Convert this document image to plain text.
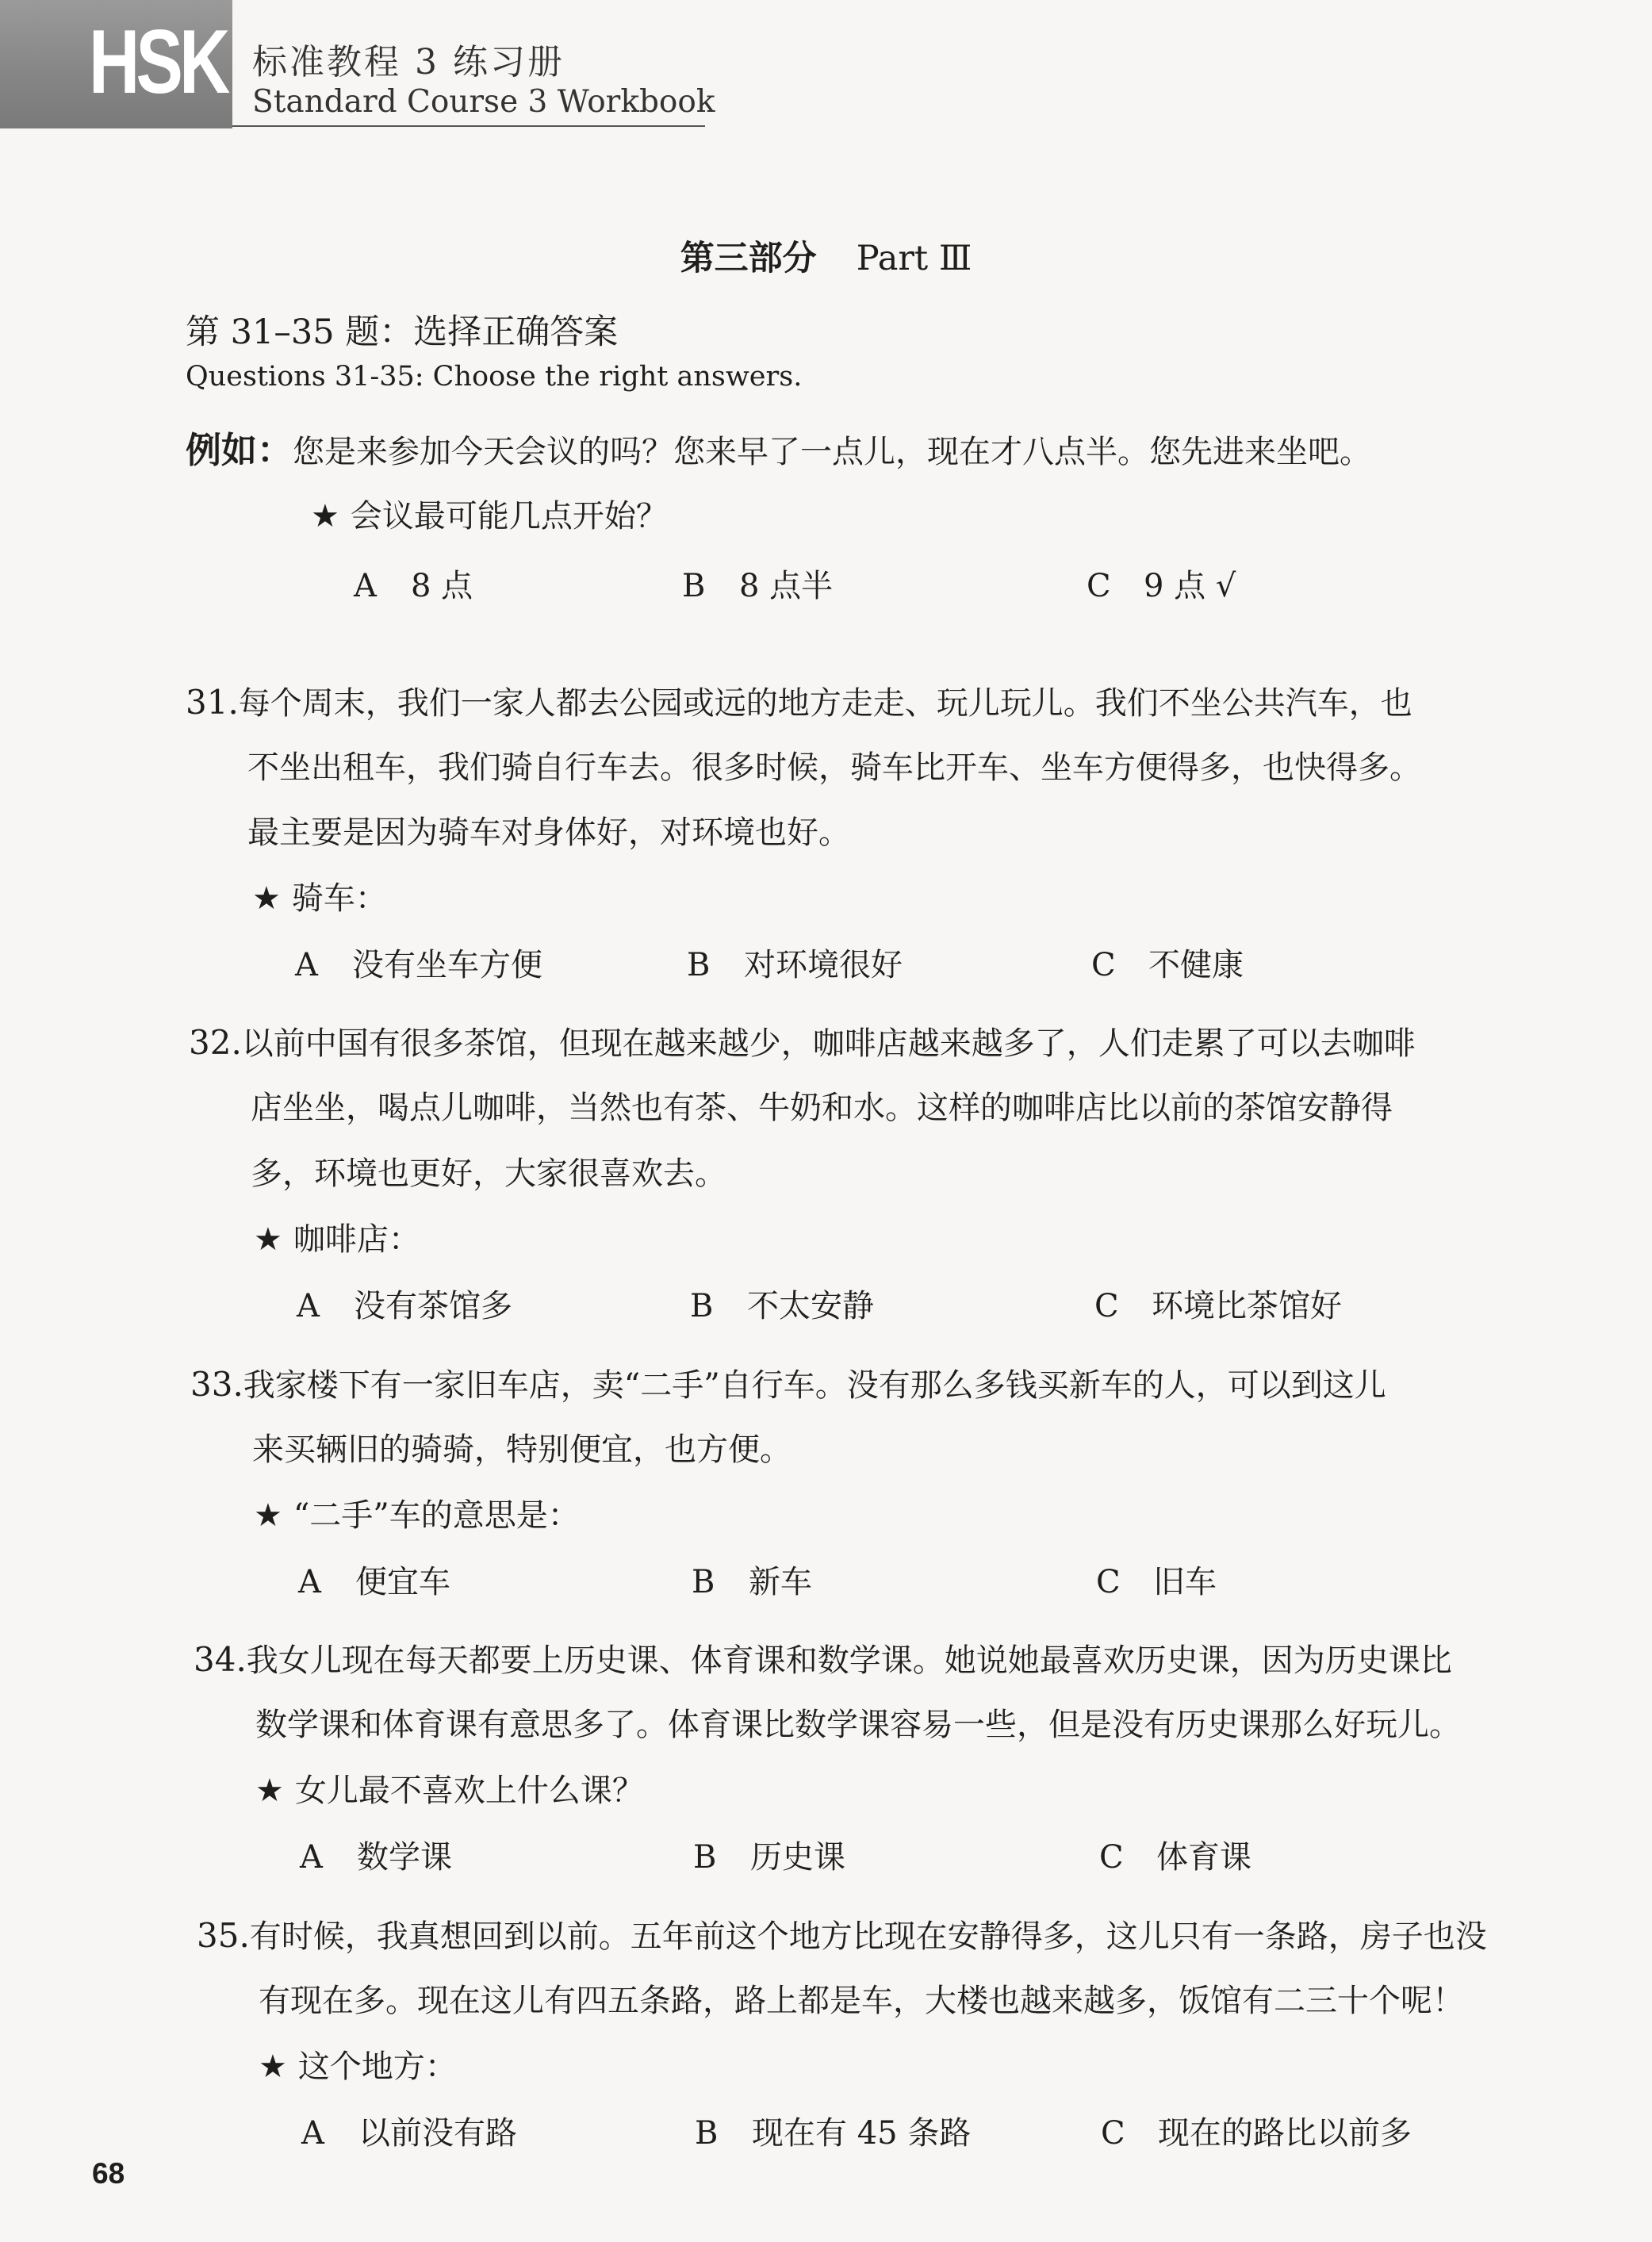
HSK 标准教程 3 练习册
Standard Course 3 Workbook
第三部分 Part Ⅲ
第 31–35 题：选择正确答案
Questions 31-35: Choose the right answers.
例如：您是来参加今天会议的吗？您来早了一点儿，现在才八点半。您先进来坐吧。
★ 会议最可能几点开始？
A 8 点	B 8 点半	C 9 点 √
31.每个周末，我们一家人都去公园或远的地方走走、玩儿玩儿。我们不坐公共汽车，也
不坐出租车，我们骑自行车去。很多时候，骑车比开车、坐车方便得多，也快得多。
最主要是因为骑车对身体好，对环境也好。
★ 骑车：
A 没有坐车方便	B 对环境很好	C 不健康
32.以前中国有很多茶馆，但现在越来越少，咖啡店越来越多了，人们走累了可以去咖啡
店坐坐，喝点儿咖啡，当然也有茶、牛奶和水。这样的咖啡店比以前的茶馆安静得
多，环境也更好，大家很喜欢去。
★ 咖啡店：
A 没有茶馆多	B 不太安静	C 环境比茶馆好
33.我家楼下有一家旧车店，卖“二手”自行车。没有那么多钱买新车的人，可以到这儿
来买辆旧的骑骑，特别便宜，也方便。
★ “二手”车的意思是：
A 便宜车	B 新车	C 旧车
34.我女儿现在每天都要上历史课、体育课和数学课。她说她最喜欢历史课，因为历史课比
数学课和体育课有意思多了。体育课比数学课容易一些，但是没有历史课那么好玩儿。
★ 女儿最不喜欢上什么课？
A 数学课	B 历史课	C 体育课
35.有时候，我真想回到以前。五年前这个地方比现在安静得多，这儿只有一条路，房子也没
有现在多。现在这儿有四五条路，路上都是车，大楼也越来越多，饭馆有二三十个呢！
★ 这个地方：
A 以前没有路	B 现在有 45 条路	C 现在的路比以前多
68
